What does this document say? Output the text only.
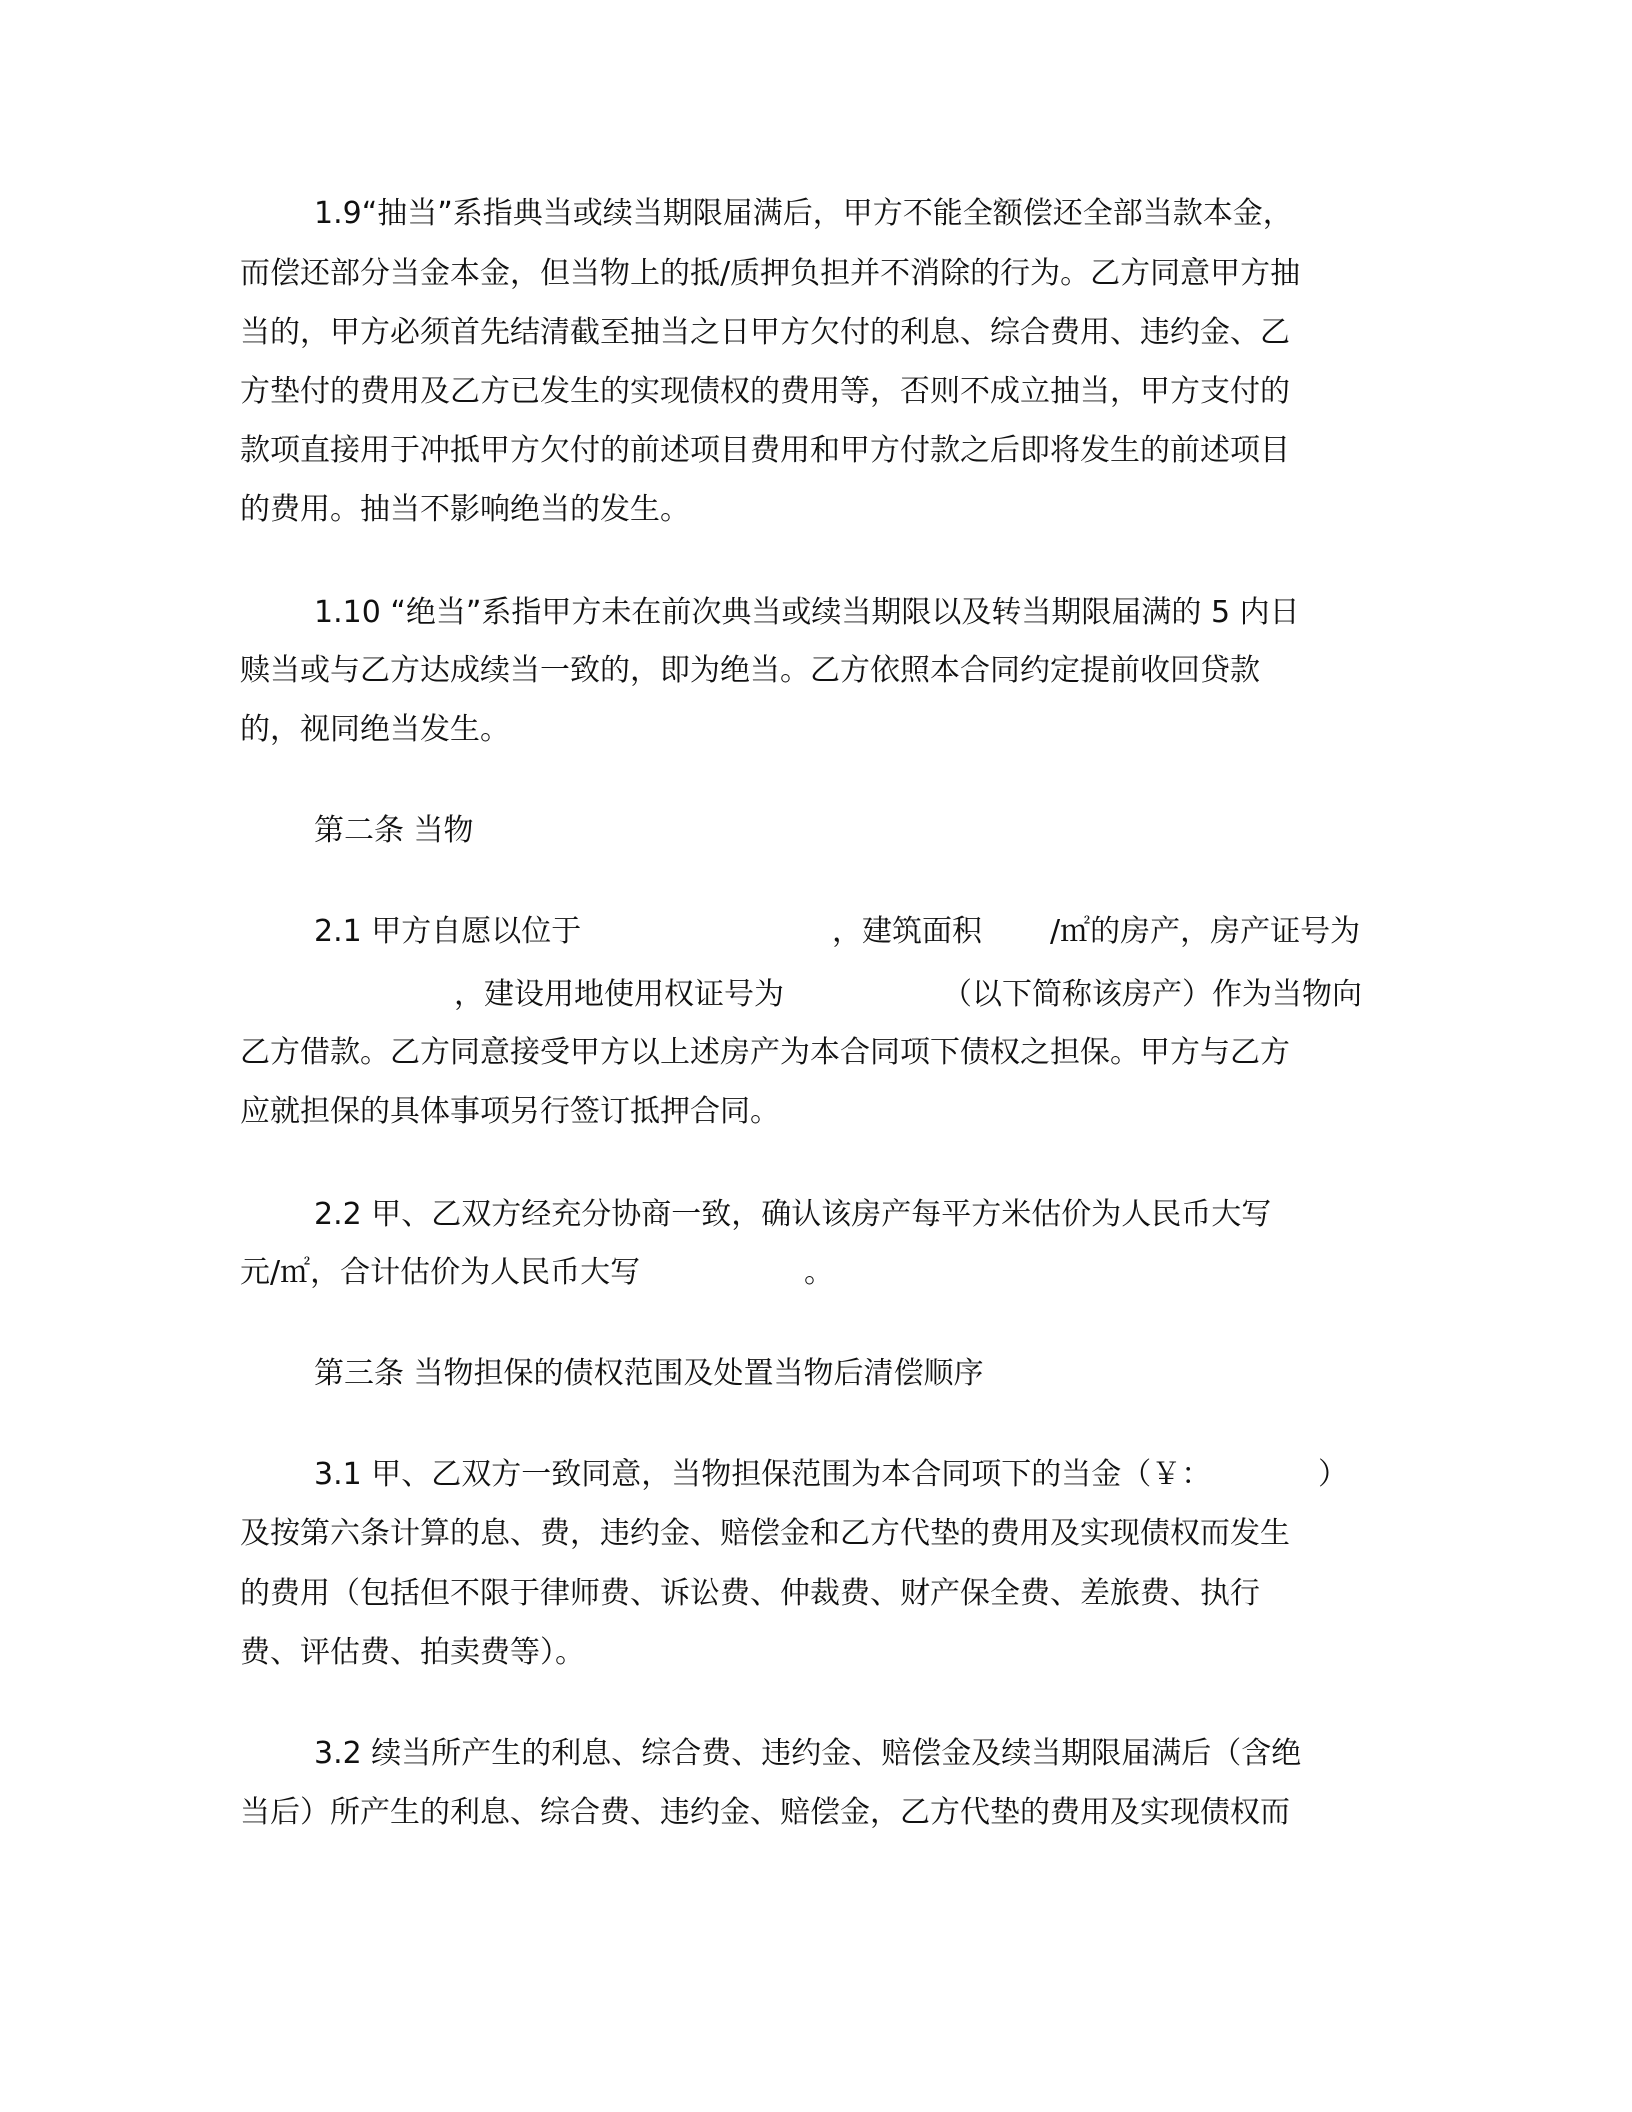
1.9“抽当”系指典当或续当期限届满后，甲方不能全额偿还全部当款本金，
而偿还部分当金本金，但当物上的抵/质押负担并不消除的行为。乙方同意甲方抽
当的，甲方必须首先结清截至抽当之日甲方欠付的利息、综合费用、违约金、乙
方垫付的费用及乙方已发生的实现债权的费用等，否则不成立抽当，甲方支付的
款项直接用于冲抵甲方欠付的前述项目费用和甲方付款之后即将发生的前述项目
的费用。抽当不影响绝当的发生。
1.10 “绝当”系指甲方未在前次典当或续当期限以及转当期限届满的 5 内日
赎当或与乙方达成续当一致的，即为绝当。乙方依照本合同约定提前收回贷款
的，视同绝当发生。
第二条 当物
2.1 甲方自愿以位于	，建筑面积 /㎡的房产，房产证号为
，建设用地使用权证号为	（以下简称该房产）作为当物向
乙方借款。乙方同意接受甲方以上述房产为本合同项下债权之担保。甲方与乙方
应就担保的具体事项另行签订抵押合同。
2.2 甲、乙双方经充分协商一致，确认该房产每平方米估价为人民币大写
元/㎡，合计估价为人民币大写	。
第三条 当物担保的债权范围及处置当物后清偿顺序
3.1 甲、乙双方一致同意，当物担保范围为本合同项下的当金（￥：	）
及按第六条计算的息、费，违约金、赔偿金和乙方代垫的费用及实现债权而发生
的费用（包括但不限于律师费、诉讼费、仲裁费、财产保全费、差旅费、执行
费、评估费、拍卖费等）。
3.2 续当所产生的利息、综合费、违约金、赔偿金及续当期限届满后（含绝
当后）所产生的利息、综合费、违约金、赔偿金，乙方代垫的费用及实现债权而
